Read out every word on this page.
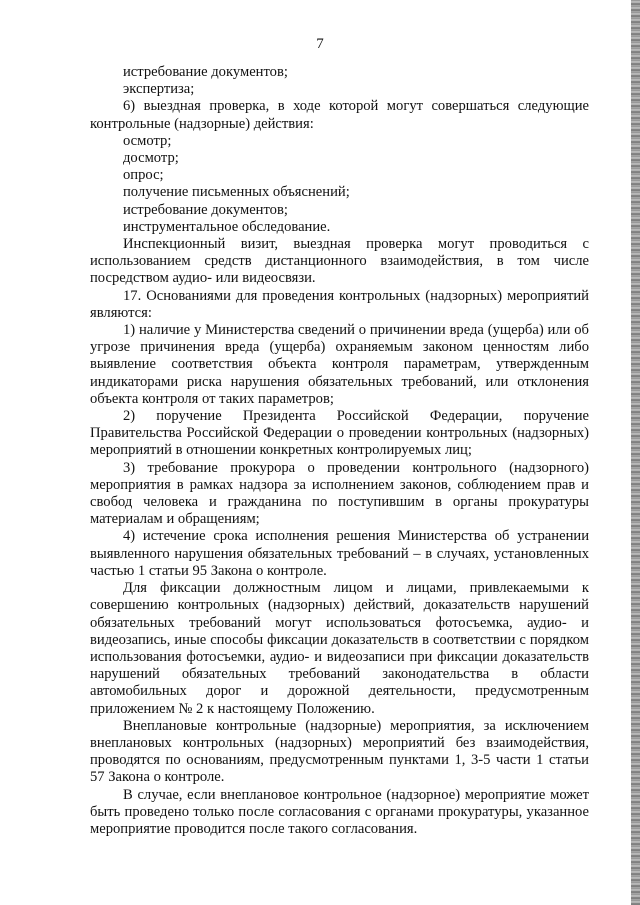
7

истребование документов;

экспертиза;

6) выездная проверка, в ходе которой могут совершаться следующие контрольные (надзорные) действия:

осмотр;

досмотр;

опрос;

получение письменных объяснений;

истребование документов;

инструментальное обследование.

Инспекционный визит, выездная проверка могут проводиться с использованием средств дистанционного взаимодействия, в том числе посредством аудио- или видеосвязи.

17. Основаниями для проведения контрольных (надзорных) мероприятий являются:

1) наличие у Министерства сведений о причинении вреда (ущерба) или об угрозе причинения вреда (ущерба) охраняемым законом ценностям либо выявление соответствия объекта контроля параметрам, утвержденным индикаторами риска нарушения обязательных требований, или отклонения объекта контроля от таких параметров;

2) поручение Президента Российской Федерации, поручение Правительства Российской Федерации о проведении контрольных (надзорных) мероприятий в отношении конкретных контролируемых лиц;

3) требование прокурора о проведении контрольного (надзорного) мероприятия в рамках надзора за исполнением законов, соблюдением прав и свобод человека и гражданина по поступившим в органы прокуратуры материалам и обращениям;

4) истечение срока исполнения решения Министерства об устранении выявленного нарушения обязательных требований – в случаях, установленных частью 1 статьи 95 Закона о контроле.

Для фиксации должностным лицом и лицами, привлекаемыми к совершению контрольных (надзорных) действий, доказательств нарушений обязательных требований могут использоваться фотосъемка, аудио- и видеозапись, иные способы фиксации доказательств в соответствии с порядком использования фотосъемки, аудио- и видеозаписи при фиксации доказательств нарушений обязательных требований законодательства в области автомобильных дорог и дорожной деятельности, предусмотренным приложением № 2 к настоящему Положению.

Внеплановые контрольные (надзорные) мероприятия, за исключением внеплановых контрольных (надзорных) мероприятий без взаимодействия, проводятся по основаниям, предусмотренным пунктами 1, 3-5 части 1 статьи 57 Закона о контроле.

В случае, если внеплановое контрольное (надзорное) мероприятие может быть проведено только после согласования с органами прокуратуры, указанное мероприятие проводится после такого согласования.
